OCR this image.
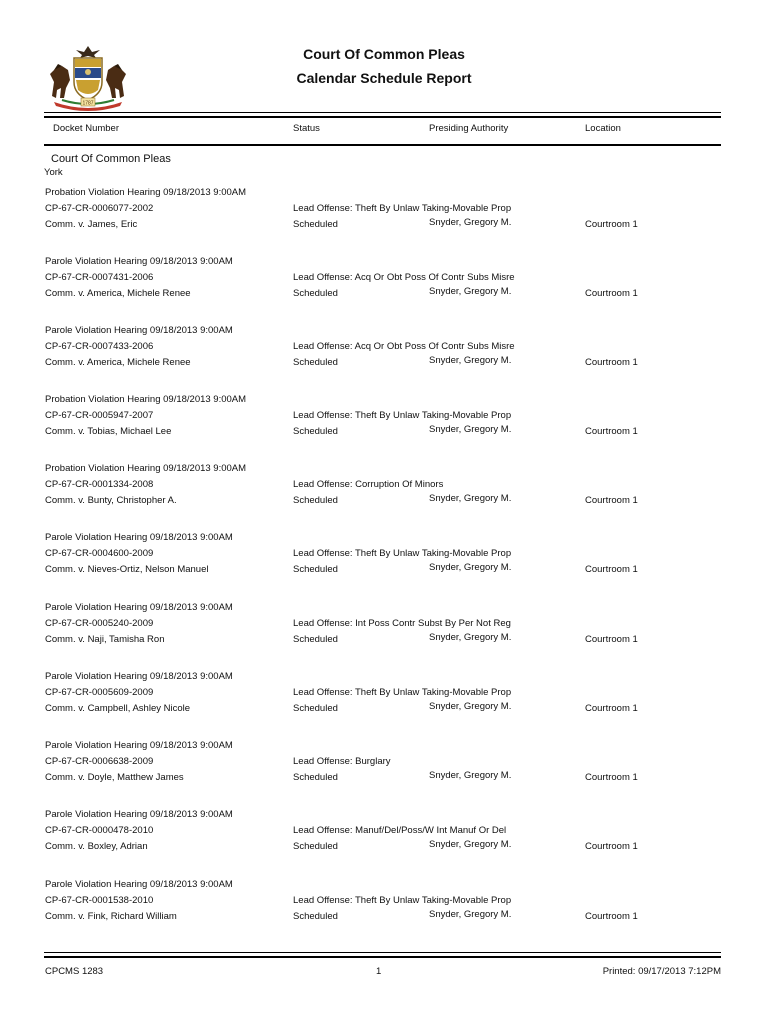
1787
Court Of Common Pleas
Calendar Schedule Report
Docket Number	Status	Presiding Authority	Location
Court Of Common Pleas
York
Probation Violation Hearing 09/18/2013 9:00AM
CP-67-CR-0006077-2002
Comm. v. James, Eric
Lead Offense: Theft By Unlaw Taking-Movable Prop
Scheduled	Snyder, Gregory M.	Courtroom 1
Parole Violation Hearing 09/18/2013 9:00AM
CP-67-CR-0007431-2006
Comm. v. America, Michele Renee
Lead Offense: Acq Or Obt Poss Of Contr Subs Misre
Scheduled	Snyder, Gregory M.	Courtroom 1
Parole Violation Hearing 09/18/2013 9:00AM
CP-67-CR-0007433-2006
Comm. v. America, Michele Renee
Lead Offense: Acq Or Obt Poss Of Contr Subs Misre
Scheduled	Snyder, Gregory M.	Courtroom 1
Probation Violation Hearing 09/18/2013 9:00AM
CP-67-CR-0005947-2007
Comm. v. Tobias, Michael Lee
Lead Offense: Theft By Unlaw Taking-Movable Prop
Scheduled	Snyder, Gregory M.	Courtroom 1
Probation Violation Hearing 09/18/2013 9:00AM
CP-67-CR-0001334-2008
Comm. v. Bunty, Christopher A.
Lead Offense: Corruption Of Minors
Scheduled	Snyder, Gregory M.	Courtroom 1
Parole Violation Hearing 09/18/2013 9:00AM
CP-67-CR-0004600-2009
Comm. v. Nieves-Ortiz, Nelson Manuel
Lead Offense: Theft By Unlaw Taking-Movable Prop
Scheduled	Snyder, Gregory M.	Courtroom 1
Parole Violation Hearing 09/18/2013 9:00AM
CP-67-CR-0005240-2009
Comm. v. Naji, Tamisha Ron
Lead Offense: Int Poss Contr Subst By Per Not Reg
Scheduled	Snyder, Gregory M.	Courtroom 1
Parole Violation Hearing 09/18/2013 9:00AM
CP-67-CR-0005609-2009
Comm. v. Campbell, Ashley Nicole
Lead Offense: Theft By Unlaw Taking-Movable Prop
Scheduled	Snyder, Gregory M.	Courtroom 1
Parole Violation Hearing 09/18/2013 9:00AM
CP-67-CR-0006638-2009
Comm. v. Doyle, Matthew James
Lead Offense: Burglary
Scheduled	Snyder, Gregory M.	Courtroom 1
Parole Violation Hearing 09/18/2013 9:00AM
CP-67-CR-0000478-2010
Comm. v. Boxley, Adrian
Lead Offense: Manuf/Del/Poss/W Int Manuf Or Del
Scheduled	Snyder, Gregory M.	Courtroom 1
Parole Violation Hearing 09/18/2013 9:00AM
CP-67-CR-0001538-2010
Comm. v. Fink, Richard William
Lead Offense: Theft By Unlaw Taking-Movable Prop
Scheduled	Snyder, Gregory M.	Courtroom 1
CPCMS 1283	1	Printed: 09/17/2013 7:12PM
